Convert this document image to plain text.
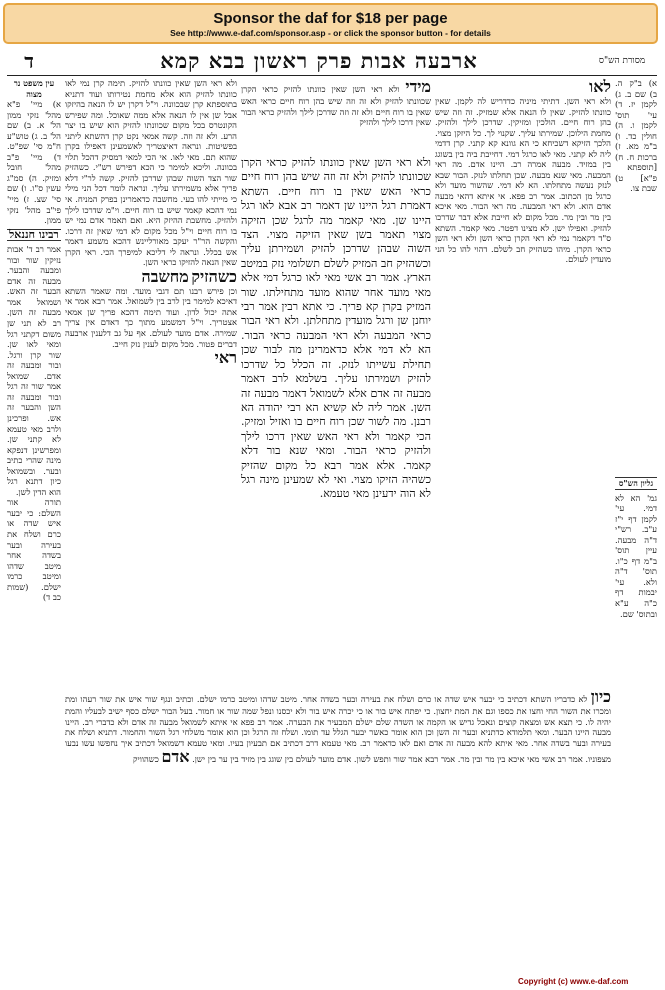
Sponsor the daf for $18 per page
See http://www.e-daf.com/sponsor.asp - or click the sponsor button - for details
מסורת הש"ס
ארבעה אבות פרק ראשון בבא קמא
ד

א) ב"ק ה. ב) שם ב. ג) לקמן יז. ד) עי' תוס' לקמן ו. ה) חולין כד. ו) ב"מ מא. ז) ברכות ח. ח) [תוספתא פ"א] ט) שבת צו.

גליון הש"ס

גמ' הא לא דמי. עי' לקמן דף י"ז ע"ב. רש"י ד"ה מבעה. עיין תוס' ב"מ דף כ"ו. תוס' ד"ה ולא. עי' יבמות דף כ"ה ע"א ובתוס' שם.

לאו

ולא ראי השן. דתיתי מיניה כדדריש לה לקמן. שאין כוונתו להזיק. שאין לו הנאה אלא שמזיק. זה וזה שיש בהן רוח חיים. הולכין ומזיקין. שדרכן לילך ולהזיק. מחמת הילוכן. שמירתו עליך. שקנוי לך. כל היזקן מצוי. הלכך הזיקא דשכיחא כי הא גוונא קא קתני. קרן דדמי ליה לא קתני. מאי לאו כרגל דמי. דחייבת ביה בין בשוגג בין במזיד. מבעה אמרה רב. היינו אדם. מה ראי המבעה. מאי שנא מבעה. שכן תחלתו לנזק. הבור שבא לנזק נעשה מתחלתו. הא לא דמי. שהשור מועד ולא כרגל מן הכתוב. אמר רב פפא. אי איתא דהאי מבעה אדם הוא. ולא ראי המבעה. מה ראי הבור. מאי איכא בין מר ובין מר. מכל מקום לא חייבת אלא דבר שדרכו להזיק. ואפילו ישן. לא מצינו דפטר. מאי קאמר. השתא ס"ד דקאמר נמי לא ראי הקרן כראי השן ולא ראי השן כראי הקרן. מיהו כשהזיק חב לשלם. דהוי להו כל הני מועדין לעולם.

מידי ולא ראי השן שאין כוונתו להזיק כראי הקרן שכוונתו להזיק ולא זה וזה שיש בהן רוח חיים כראי האש שאין בו רוח חיים ולא זה וזה שדרכן לילך ולהזיק כראי הבור שאין דרכו לילך ולהזיק

ולא ראי השן שאין כוונתו להזיק כראי הקרן שכוונתו להזיק ולא זה וזה שיש בהן רוח חיים כראי האש שאין בו רוח חיים. השתא דאמרת רגל היינו שן דאמר רב אבא לאו רגל היינו שן. מאי קאמר מה לרגל שכן הזיקה מצוי תאמר בשן שאין הזיקה מצוי. הצד השוה שבהן שדרכן להזיק ושמירתן עליך וכשהזיק חב המזיק לשלם תשלומי נזק במיטב הארץ. אמר רב אשי מאי לאו כרגל דמי אלא מאי מועד אחר שהוא מועד מתחילתו. שור המזיק בקרן קא פריך. כי אתא רבין אמר רבי יוחנן שן ורגל מועדין מתחלתן. ולא ראי הבור כראי המבעה ולא ראי המבעה כראי הבור. הא לא דמי אלא כדאמרינן מה לבור שכן תחילת עשייתו לנזק. זה הכלל כל שדרכו להזיק ושמירתו עליך. בשלמא לרב דאמר מבעה זה אדם אלא לשמואל דאמר מבעה זה השן. אמר ליה לא קשיא הא רבי יהודה הא רבנן. מה לשור שכן רוח חיים בו ואזיל ומזיק. הכי קאמר ולא ראי האש שאין דרכו לילך ולהזיק כראי הבור. ומאי שנא בור דלא קאמר. אלא אמר רבא כל מקום שהזיק כשהיה הזיקו מצוי. ואי לא שמעינן מינה רגל לא הוה ידעינן מאי טעמא.

ולא ראי השן שאין כוונתו להזיק. תימה קרן נמי לאו כוונתו להזיק הוא אלא מחמת נטירותו ועוד דתניא בתוספתא קרן שבכוונה. וי"ל דקרן יש לו הנאה בהיזקו אבל שן אין לו הנאה אלא ממה שאוכל. ומה שפירש הקונטרס בכל מקום שכוונתו להזיק הוא שיש בו יצר הרע. ולא זה וזה. קשה אמאי נקט קרן דהשתא ליתני בפשיטות. ונראה דאיצטריך לאשמעינן דאפילו בקרן שהוא תם. מאי לאו. אי הכי למאי דמסיק דהכל תלוי בכוונה. וליכא למימר כי הכא דפירש רש"י. כשהזיק שור הצד השוה שבהן שדרכן להזיק. קשה לר"י דלא פריך אלא משמירתו עליך. ונראה לומר דכל הני מילי כי מייתי להו בעי. מחשבה כדאמרינן בפרק המניח. אי נמי דהכא קאמר שיש בו רוח חיים. וי"מ שדרכו לילך ולהזיק. מחשבת ההיזק היא. ואם תאמר אדם נמי יש בו רוח חיים וי"ל מכל מקום לא דמי שאין זה דרכו. והקשה הר"ר יעקב מאורליינש דהכא משמע דאמר אש בכלל. ונראה לי דליכא למיפרך הכי. ראי הקרן שאין הנאה להזיקו כראי השן.

כשהזיק מחשבה

וכן פירש רבנו תם דגבי מועד. ומה שאמר השתא דאיכא למימר בין לרב בין לשמואל. אמר רבא אמר אי אתה יכול לדון. ועוד תימה דהכא פריך שן אמאי אצטריך. וי"ל דמשמע מתוך כך דאדם אין צריך שמירה. אדם מועד לעולם. אף על גב דלענין ארבעה דברים פטור. מכל מקום לענין נזק חייב.

ראי
עין משפט נר מצוה

א) מיי' פ"א מהל' נזקי ממון הל' א. ב) שם הל' ב. ג) טוש"ע ח"מ סי' שפ"ט. ד) מיי' פ"ב מהל' חובל ומזיק. ה) סמ"ג עשין ס"ו. ו) שם סי' שצ. ז) מיי' פי"ב מהל' נזקי ממון.

רבינו חננאל

אמר רב ד' אבות נזיקין שור ובור ומבעה והבער. מבעה זה אדם הבער זה האש. ושמואל אמר מבעה זה השן. רב לא תני שן משום דקתני רגל ומאי לאו שן. שור קרן ורגל. ובור ומבעה זה אדם. שמואל אמר שור זה רגל ובור ומבעה זה השן והבער זה אש. ופרכינן ולרב מאי טעמא לא קתני שן. ומפרשינן דנפקא מינה שהרי כתיב ובער. ובשמואל כיון דתנא רגל הוא הדין לשן.

תורה אור השלם: כי יבער איש שדה או כרם ושלח את בעירה ובער בשדה אחר מיטב שדהו ומיטב כרמו ישלם. (שמות כב ד)

כיון לא כדבריו השתא דכתיב כי יבער איש שדה או כרם ושלח את בעירה ובער בשדה אחר. מיטב שדהו ומיטב כרמו ישלם. וכתיב ונגף שור איש את שור רעהו ומת ומכרו את השור החי וחצו את כספו וגם את המת יחצון. כי יפתח איש בור או כי יכרה איש בור ולא יכסנו ונפל שמה שור או חמור. בעל הבור ישלם כסף ישיב לבעליו והמת יהיה לו. כי תצא אש ומצאה קוצים ונאכל גדיש או הקמה או השדה שלם ישלם המבעיר את הבערה. אמר רב פפא אי איתא לשמואל מבעה זה אדם ולא כדברי רב. היינו מבעה היינו הבער. ומאי תלמודא כדתניא ובער זה השן וכן הוא אומר כאשר יבער הגלל עד תומו. ושלח זה הרגל וכן הוא אומר משלחי רגל השור והחמור. דתניא ושלח את בעירה ובער בשדה אחר. מאי איתא להא מבעה זה אדם ואם לאו כדאמר רב. מאי טעמא דרב דכתיב אם תבעיון בעיו. ומאי טעמא דשמואל דכתיב איך נחפשו עשו נבעו מצפוניו. אמר רב אשי מאי איכא בין מר ובין מר. אמר רבא אמר שור ותפש לשון. אדם מועד לעולם בין שוגג בין מזיד בין ער בין ישן. אדם כשהוויק
Copyright (c) www.e-daf.com
